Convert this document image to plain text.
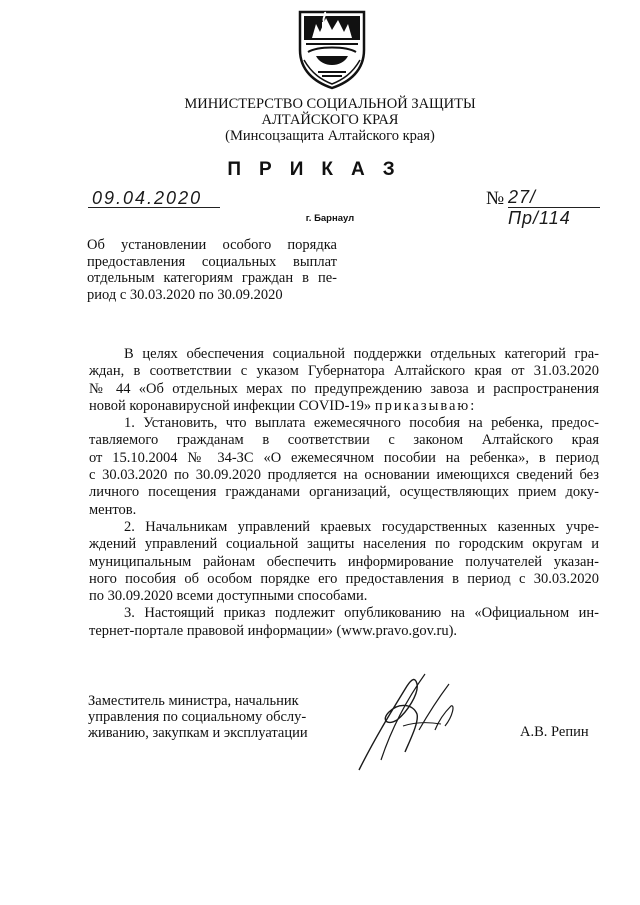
МИНИСТЕРСТВО СОЦИАЛЬНОЙ ЗАЩИТЫ
АЛТАЙСКОГО КРАЯ
(Минсоцзащита Алтайского края)
ПРИКАЗ
09.04.2020	№ 27/Пр/114
г. Барнаул
Об установлении особого порядка
предоставления социальных выплат
отдельным категориям граждан в пе-
риод с 30.03.2020 по 30.09.2020
В целях обеспечения социальной поддержки отдельных категорий гра-
ждан, в соответствии с указом Губернатора Алтайского края от 31.03.2020
№ 44 «Об отдельных мерах по предупреждению завоза и распространения
новой коронавирусной инфекции COVID-19» приказываю:
1. Установить, что выплата ежемесячного пособия на ребенка, предос-
тавляемого гражданам в соответствии с законом Алтайского края
от 15.10.2004 № 34-ЗС «О ежемесячном пособии на ребенка», в период
с 30.03.2020 по 30.09.2020 продляется на основании имеющихся сведений без
личного посещения гражданами организаций, осуществляющих прием доку-
ментов.
2. Начальникам управлений краевых государственных казенных учре-
ждений управлений социальной защиты населения по городским округам и
муниципальным районам обеспечить информирование получателей указан-
ного пособия об особом порядке его предоставления в период с 30.03.2020
по 30.09.2020 всеми доступными способами.
3. Настоящий приказ подлежит опубликованию на «Официальном ин-
тернет-портале правовой информации» (www.pravo.gov.ru).
Заместитель министра, начальник
управления по социальному обслу-
живанию, закупкам и эксплуатации	А.В. Репин
